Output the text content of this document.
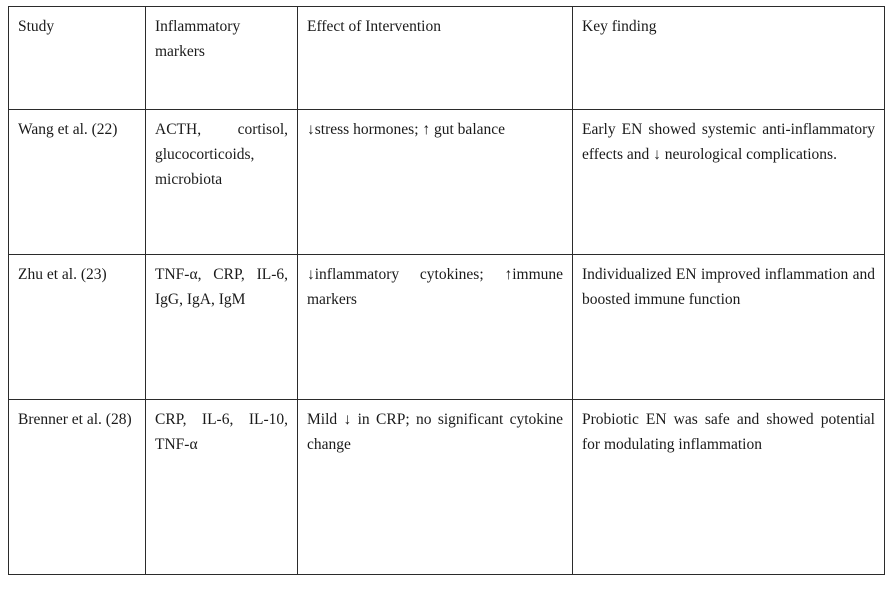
Study	Inflammatory markers	Effect of Intervention	Key finding

Wang et al. (22)	ACTH, cortisol, glucocorticoids, microbiota	↓stress hormones; ↑ gut balance	Early EN showed systemic anti-inflammatory effects and ↓ neurological complications.

Zhu et al. (23)	TNF-α, CRP, IL-6, IgG, IgA, IgM	↓inflammatory cytokines; ↑immune markers	Individualized EN improved inflammation and boosted immune function

Brenner et al. (28)	CRP, IL-6, IL-10, TNF-α	Mild ↓ in CRP; no significant cytokine change	Probiotic EN was safe and showed potential for modulating inflammation
